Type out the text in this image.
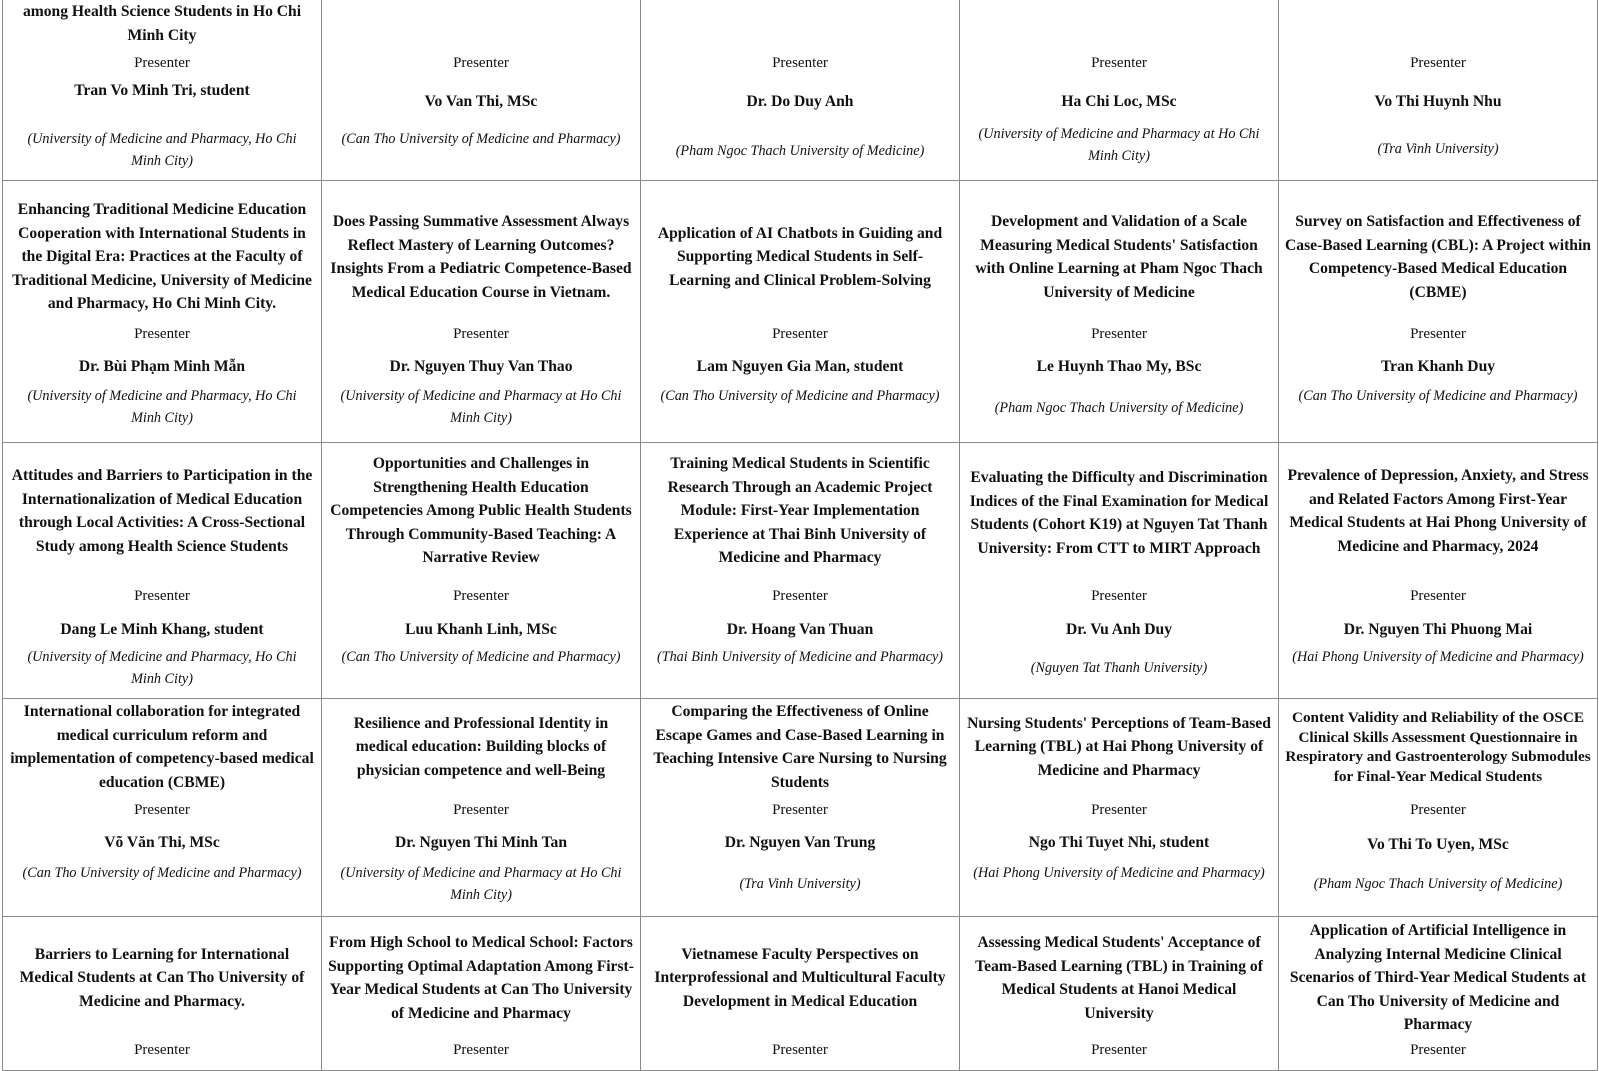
among Health Science Students in Ho Chi Minh City
Presenter
Tran Vo Minh Tri, student
(University of Medicine and Pharmacy, Ho Chi Minh City)
Presenter
Vo Van Thi, MSc
(Can Tho University of Medicine and Pharmacy)
Presenter
Dr. Do Duy Anh
(Pham Ngoc Thach University of Medicine)
Presenter
Ha Chi Loc, MSc
(University of Medicine and Pharmacy at Ho Chi Minh City)
Presenter
Vo Thi Huynh Nhu
(Tra Vinh University)
Enhancing Traditional Medicine Education Cooperation with International Students in the Digital Era: Practices at the Faculty of Traditional Medicine, University of Medicine and Pharmacy, Ho Chi Minh City.
Presenter
Dr. Bùi Phạm Minh Mẫn
(University of Medicine and Pharmacy, Ho Chi Minh City)
Does Passing Summative Assessment Always Reflect Mastery of Learning Outcomes? Insights From a Pediatric Competence-Based Medical Education Course in Vietnam.
Presenter
Dr. Nguyen Thuy Van Thao
(University of Medicine and Pharmacy at Ho Chi Minh City)
Application of AI Chatbots in Guiding and Supporting Medical Students in Self-Learning and Clinical Problem-Solving
Presenter
Lam Nguyen Gia Man, student
(Can Tho University of Medicine and Pharmacy)
Development and Validation of a Scale Measuring Medical Students' Satisfaction with Online Learning at Pham Ngoc Thach University of Medicine
Presenter
Le Huynh Thao My, BSc
(Pham Ngoc Thach University of Medicine)
Survey on Satisfaction and Effectiveness of Case-Based Learning (CBL): A Project within Competency-Based Medical Education (CBME)
Presenter
Tran Khanh Duy
(Can Tho University of Medicine and Pharmacy)
Attitudes and Barriers to Participation in the Internationalization of Medical Education through Local Activities: A Cross-Sectional Study among Health Science Students
Presenter
Dang Le Minh Khang, student
(University of Medicine and Pharmacy, Ho Chi Minh City)
Opportunities and Challenges in Strengthening Health Education Competencies Among Public Health Students Through Community-Based Teaching: A Narrative Review
Presenter
Luu Khanh Linh, MSc
(Can Tho University of Medicine and Pharmacy)
Training Medical Students in Scientific Research Through an Academic Project Module: First-Year Implementation Experience at Thai Binh University of Medicine and Pharmacy
Presenter
Dr. Hoang Van Thuan
(Thai Binh University of Medicine and Pharmacy)
Evaluating the Difficulty and Discrimination Indices of the Final Examination for Medical Students (Cohort K19) at Nguyen Tat Thanh University: From CTT to MIRT Approach
Presenter
Dr. Vu Anh Duy
(Nguyen Tat Thanh University)
Prevalence of Depression, Anxiety, and Stress and Related Factors Among First-Year Medical Students at Hai Phong University of Medicine and Pharmacy, 2024
Presenter
Dr. Nguyen Thi Phuong Mai
(Hai Phong University of Medicine and Pharmacy)
International collaboration for integrated medical curriculum reform and implementation of competency-based medical education (CBME)
Presenter
Võ Văn Thi, MSc
(Can Tho University of Medicine and Pharmacy)
Resilience and Professional Identity in medical education: Building blocks of physician competence and well-Being
Presenter
Dr. Nguyen Thi Minh Tan
(University of Medicine and Pharmacy at Ho Chi Minh City)
Comparing the Effectiveness of Online Escape Games and Case-Based Learning in Teaching Intensive Care Nursing to Nursing Students
Presenter
Dr. Nguyen Van Trung
(Tra Vinh University)
Nursing Students' Perceptions of Team-Based Learning (TBL) at Hai Phong University of Medicine and Pharmacy
Presenter
Ngo Thi Tuyet Nhi, student
(Hai Phong University of Medicine and Pharmacy)
Content Validity and Reliability of the OSCE Clinical Skills Assessment Questionnaire in Respiratory and Gastroenterology Submodules for Final-Year Medical Students
Presenter
Vo Thi To Uyen, MSc
(Pham Ngoc Thach University of Medicine)
Barriers to Learning for International Medical Students at Can Tho University of Medicine and Pharmacy.
Presenter
From High School to Medical School: Factors Supporting Optimal Adaptation Among First-Year Medical Students at Can Tho University of Medicine and Pharmacy
Presenter
Vietnamese Faculty Perspectives on Interprofessional and Multicultural Faculty Development in Medical Education
Presenter
Assessing Medical Students' Acceptance of Team-Based Learning (TBL) in Training of Medical Students at Hanoi Medical University
Presenter
Application of Artificial Intelligence in Analyzing Internal Medicine Clinical Scenarios of Third-Year Medical Students at Can Tho University of Medicine and Pharmacy
Presenter
